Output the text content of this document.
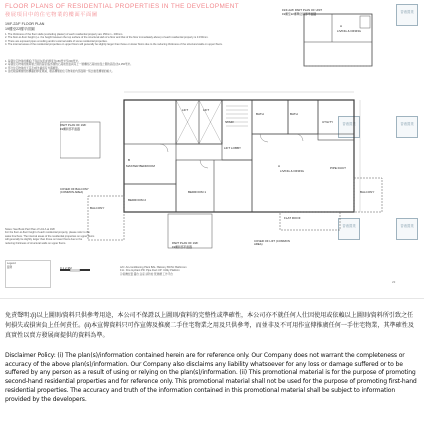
FLOOR PLANS OF RESIDENTIAL PROPERTIES IN THE DEVELOPMENT
發展項目中的住宅物業的樓面平面圖
19/F-22/F FLOOR PLAN
19樓至22樓平面圖
1. The thickness of the floor slabs (excluding plaster) of each residential property are 150mm - 200mm.
2. The floor-to-floor height (i.e. the height between the top surface of the structural slab of a floor and that of the floor immediately above) of each residential property is 3.150mm.
3. There are exposed pipes at ceiling and/or external walls of some residential properties.
4. The internal areas of the residential properties on upper floors will generally be slightly larger than those on lower floors due to the reducing thickness of the structural walls on upper floors.
1. 每個住宅物業的樓板(不包括灰泥)的厚度為150毫米至200毫米。
2. 每個住宅物業的層與層之間的高度(指該層的石屎地台面與其上一層樓的石屎地台面之間的高度)為3,150毫米。
3. 部分住宅物業的天花及/或外牆設有外露喉管。
4. 由於較高樓層的結構牆的厚度遞減，較高樓層的住宅物業的內部面積一般比較低樓層的略大。
19/F-22/F PART PLAN OF UNIT
19樓至22樓單位局部平面圖
A
LIVING & DINING
香港置業
香港置業	香港置業
香港置業	香港置業
LIFT	LIFT
BATH	BATH
UTILITY
STAIR
LIFT LOBBY
A
LIVING & DINING
B
MASTER BEDROOM
BEDROOM 2
BEDROOM 1
BALCONY
BALCONY
FLAT ROOF
PIPE DUCT
PART PLAN OF 19/F
19樓局部平面圖
COVER OF BALCONY (COMMON AREA)
PART PLAN OF 19/F
19樓局部平面圖
COVER OF LIFT (COMMON AREA)
0 1 2 3M
Notes: See Book Part Plan of Unit A at 19/F
For the floor-to-floor height of each residential property, please refer to the
sales brochure. The internal areas of the residential properties on upper floors
will generally be slightly larger than those on lower floors due to the
reducing thickness of structural walls on upper floors.
Legend
圖例	A/C: Air-conditioning Plant BAL: Balcony BATH: Bathroom
F.H.: Fire Hydrant PD: Pipe Duct UP: Utility Platform
冷氣機位置 露台 浴室 消防栓 管道槽 工作平台
23
免責聲明:(i)以上圖則/資料只供參考用途，本公司不保證以上圖則/資料的完整性或準確性，本公司亦不就任何人仕因使用或依賴以上圖則/資料所引致之任何損失或損害負上任何責任。(ii)本宣傳資料只可作宣傳及推廣二手住宅物業之用及只供參考，而並非及不可用作宣傳推廣任何一手住宅物業，其準確性及真實性以賣方發展商提供的資料為準。
Disclaimer Policy: (i) The plan(s)/information contained herein are for reference only. Our Company does not warrant the completeness or accuracy of the above plan(s)/information. Our Company also disclaims any liability whatsoever for any loss or damage suffered or to be suffered by any person as a result of using or relying on the plan(s)/information. (ii) This promotional material is for the purpose of promoting second-hand residential properties and for reference only. This promotional material shall not be used for the purpose of promoting first-hand residential properties. The accuracy and truth of the information contained in this promotional material shall be subject to information provided by the developers.
